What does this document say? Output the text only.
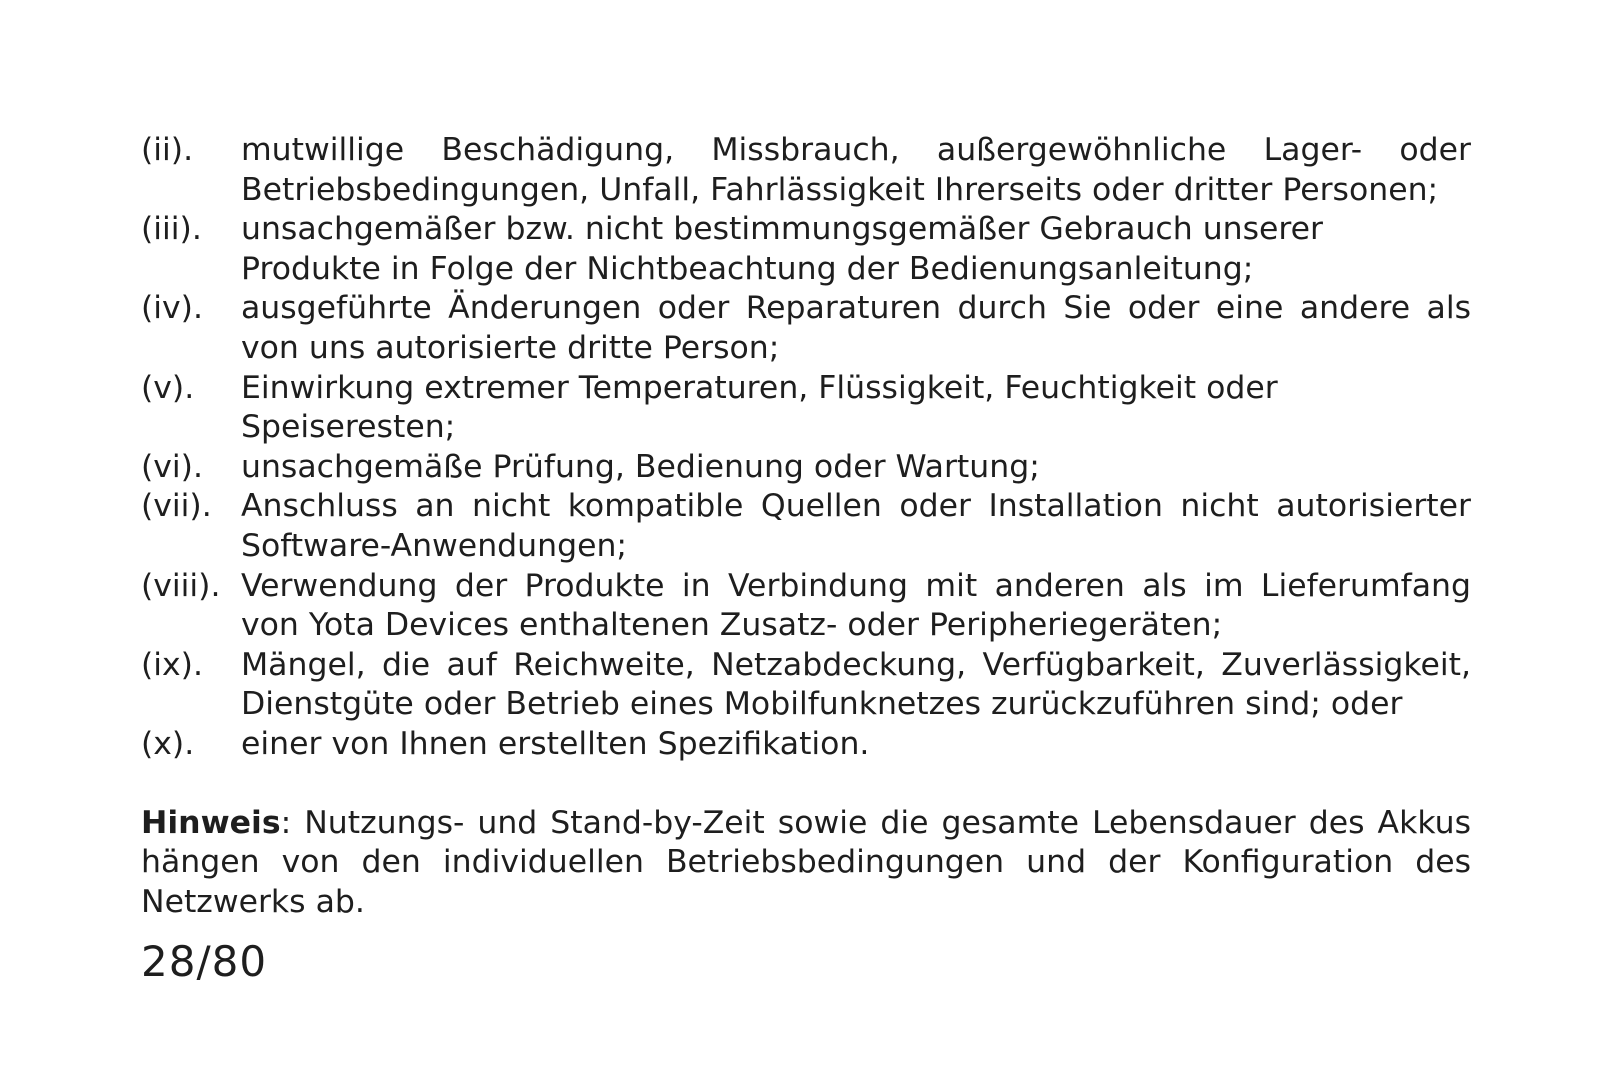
(ii).	mutwillige Beschädigung, Missbrauch, außergewöhnliche Lager- oder Betriebsbedingungen, Unfall, Fahrlässigkeit Ihrerseits oder dritter Personen;
(iii).	unsachgemäßer bzw. nicht bestimmungsgemäßer Gebrauch unserer Produkte in Folge der Nichtbeachtung der Bedienungsanleitung;
(iv).	ausgeführte Änderungen oder Reparaturen durch Sie oder eine andere als von uns autorisierte dritte Person;
(v).	Einwirkung extremer Temperaturen, Flüssigkeit, Feuchtigkeit oder Speiseresten;
(vi).	unsachgemäße Prüfung, Bedienung oder Wartung;
(vii). Anschluss an nicht kompatible Quellen oder Installation nicht autorisierter Software-Anwendungen;
(viii). Verwendung der Produkte in Verbindung mit anderen als im Lieferumfang von Yota Devices enthaltenen Zusatz- oder Peripheriegeräten;
(ix).	Mängel, die auf Reichweite, Netzabdeckung, Verfügbarkeit, Zuverlässigkeit, Dienstgüte oder Betrieb eines Mobilfunknetzes zurückzuführen sind; oder
(x).	einer von Ihnen erstellten Spezifikation.

Hinweis: Nutzungs- und Stand-by-Zeit sowie die gesamte Lebensdauer des Akkus hängen von den individuellen Betriebsbedingungen und der Konfiguration des Netzwerks ab.

28/80
